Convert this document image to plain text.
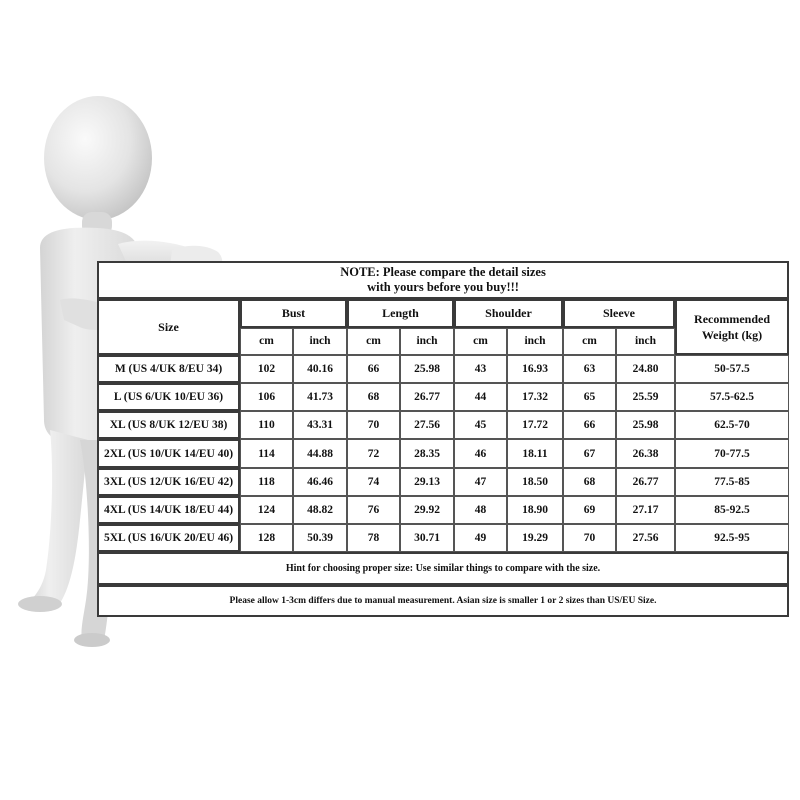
NOTE: Please compare the detail sizes
with yours before you buy!!!									

Size	Bust		Length		Shoulder		Sleeve		Recommended
Weight (kg)

	cm	inch	cm	inch	cm	inch	cm	inch	
M (US 4/UK 8/EU 34)	102	40.16	66	25.98	43	16.93	63	24.80	50-57.5
L (US 6/UK 10/EU 36)	106	41.73	68	26.77	44	17.32	65	25.59	57.5-62.5
XL (US 8/UK 12/EU 38)	110	43.31	70	27.56	45	17.72	66	25.98	62.5-70
2XL (US 10/UK 14/EU 40)	114	44.88	72	28.35	46	18.11	67	26.38	70-77.5
3XL (US 12/UK 16/EU 42)	118	46.46	74	29.13	47	18.50	68	26.77	77.5-85
4XL (US 14/UK 18/EU 44)	124	48.82	76	29.92	48	18.90	69	27.17	85-92.5
5XL (US 16/UK 20/EU 46)	128	50.39	78	30.71	49	19.29	70	27.56	92.5-95
Hint for choosing proper size: Use similar things to compare with the size.									
Please allow 1-3cm differs due to manual measurement. Asian size is smaller 1 or 2 sizes than US/EU Size.									
